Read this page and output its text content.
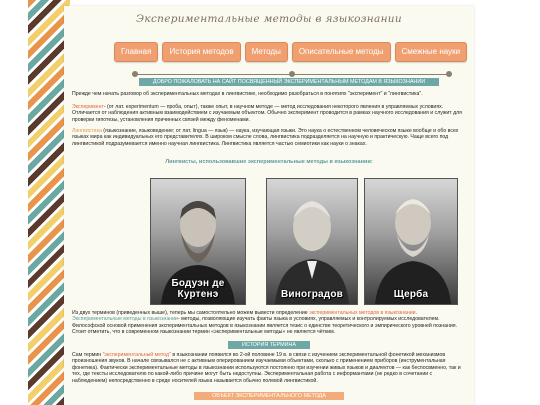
Экспериментальные методы в языкознании
Главная	История методов	Методы	Описательные методы	Смежные науки
ДОБРО ПОЖАЛОВАТЬ НА САЙТ ПОСВЯЩЕННЫЙ ЭКСПЕРИМЕНТАЛЬНЫМ МЕТОДАМ В ЯЗЫКОЗНАНИИ

Прежде чем начать разговор об экспериментальных методах в лингвистике, необходимо разобраться в понятиях "эксперимент" и "лингвистика".

Эксперимент- (от лат. experimentum — проба, опыт), также опыт, в научном методе — метод исследования некоторого явления в управляемых условиях. Отличается от наблюдения активным взаимодействием с изучаемым объектом. Обычно эксперимент проводится в рамках научного исследования и служит для проверки гипотезы, установления причинных связей между феноменами.

Лингвистика (языкознание, языковедение; от лат. lingua — язык) — наука, изучающая языки. Это наука о естественном человеческом языке вообще и обо всех языках мира как индивидуальных его представителях. В широком смысле слова, лингвистика подразделяется на научную и практическую. Чаще всего под лингвистикой подразумевается именно научная лингвистика. Лингвистика является частью семиотики как науки о знаках.

Лингвисты, использовавшие экспериментальные методы в языкознании:
Бодуэн де Куртенэ	Виноградов	Щерба

Из двух терминов (приведенных выше), теперь мы самостоятельно можем вывести определение экспериментальных методов в языкознании. Экспериментальные методы в языкознании- методы, позволяющие изучать факты языка в условиях, управляемых и контролируемых исследователем. Философской основой применения экспериментальных методов в языкознании является тезис о единстве теоретического и эмпирического уровней познания. Стоит отметить, что в современном языкознании термин «экспериментальные методы» не является чётким.

ИСТОРИЯ ТЕРМИНА

Сам термин "экспериментальный метод" в языкознании появился во 2-ой половине 19 в. в связи с изучением экспериментальной фонетикой механизмов произношения звуков. В начале связывался не с активным оперированием изучаемыми объектами, сколько с применением приборов (инструментальная фонетика). Фактически экспериментальные методы в языкознании используются постоянно при изучении живых языков и диалектов — как беспосвменно, так и тех, где тексты исследователю по какой-либо причине могут быть недоступны. Экспериментальная работа с информантами (не редко в сочетании с наблюдением) непосредственно в среде носителей языка называется обычно полевой лингвистикой.

ОБЪЕКТ ЭКСПЕРИМЕНТАЛЬНОГО МЕТОДА
